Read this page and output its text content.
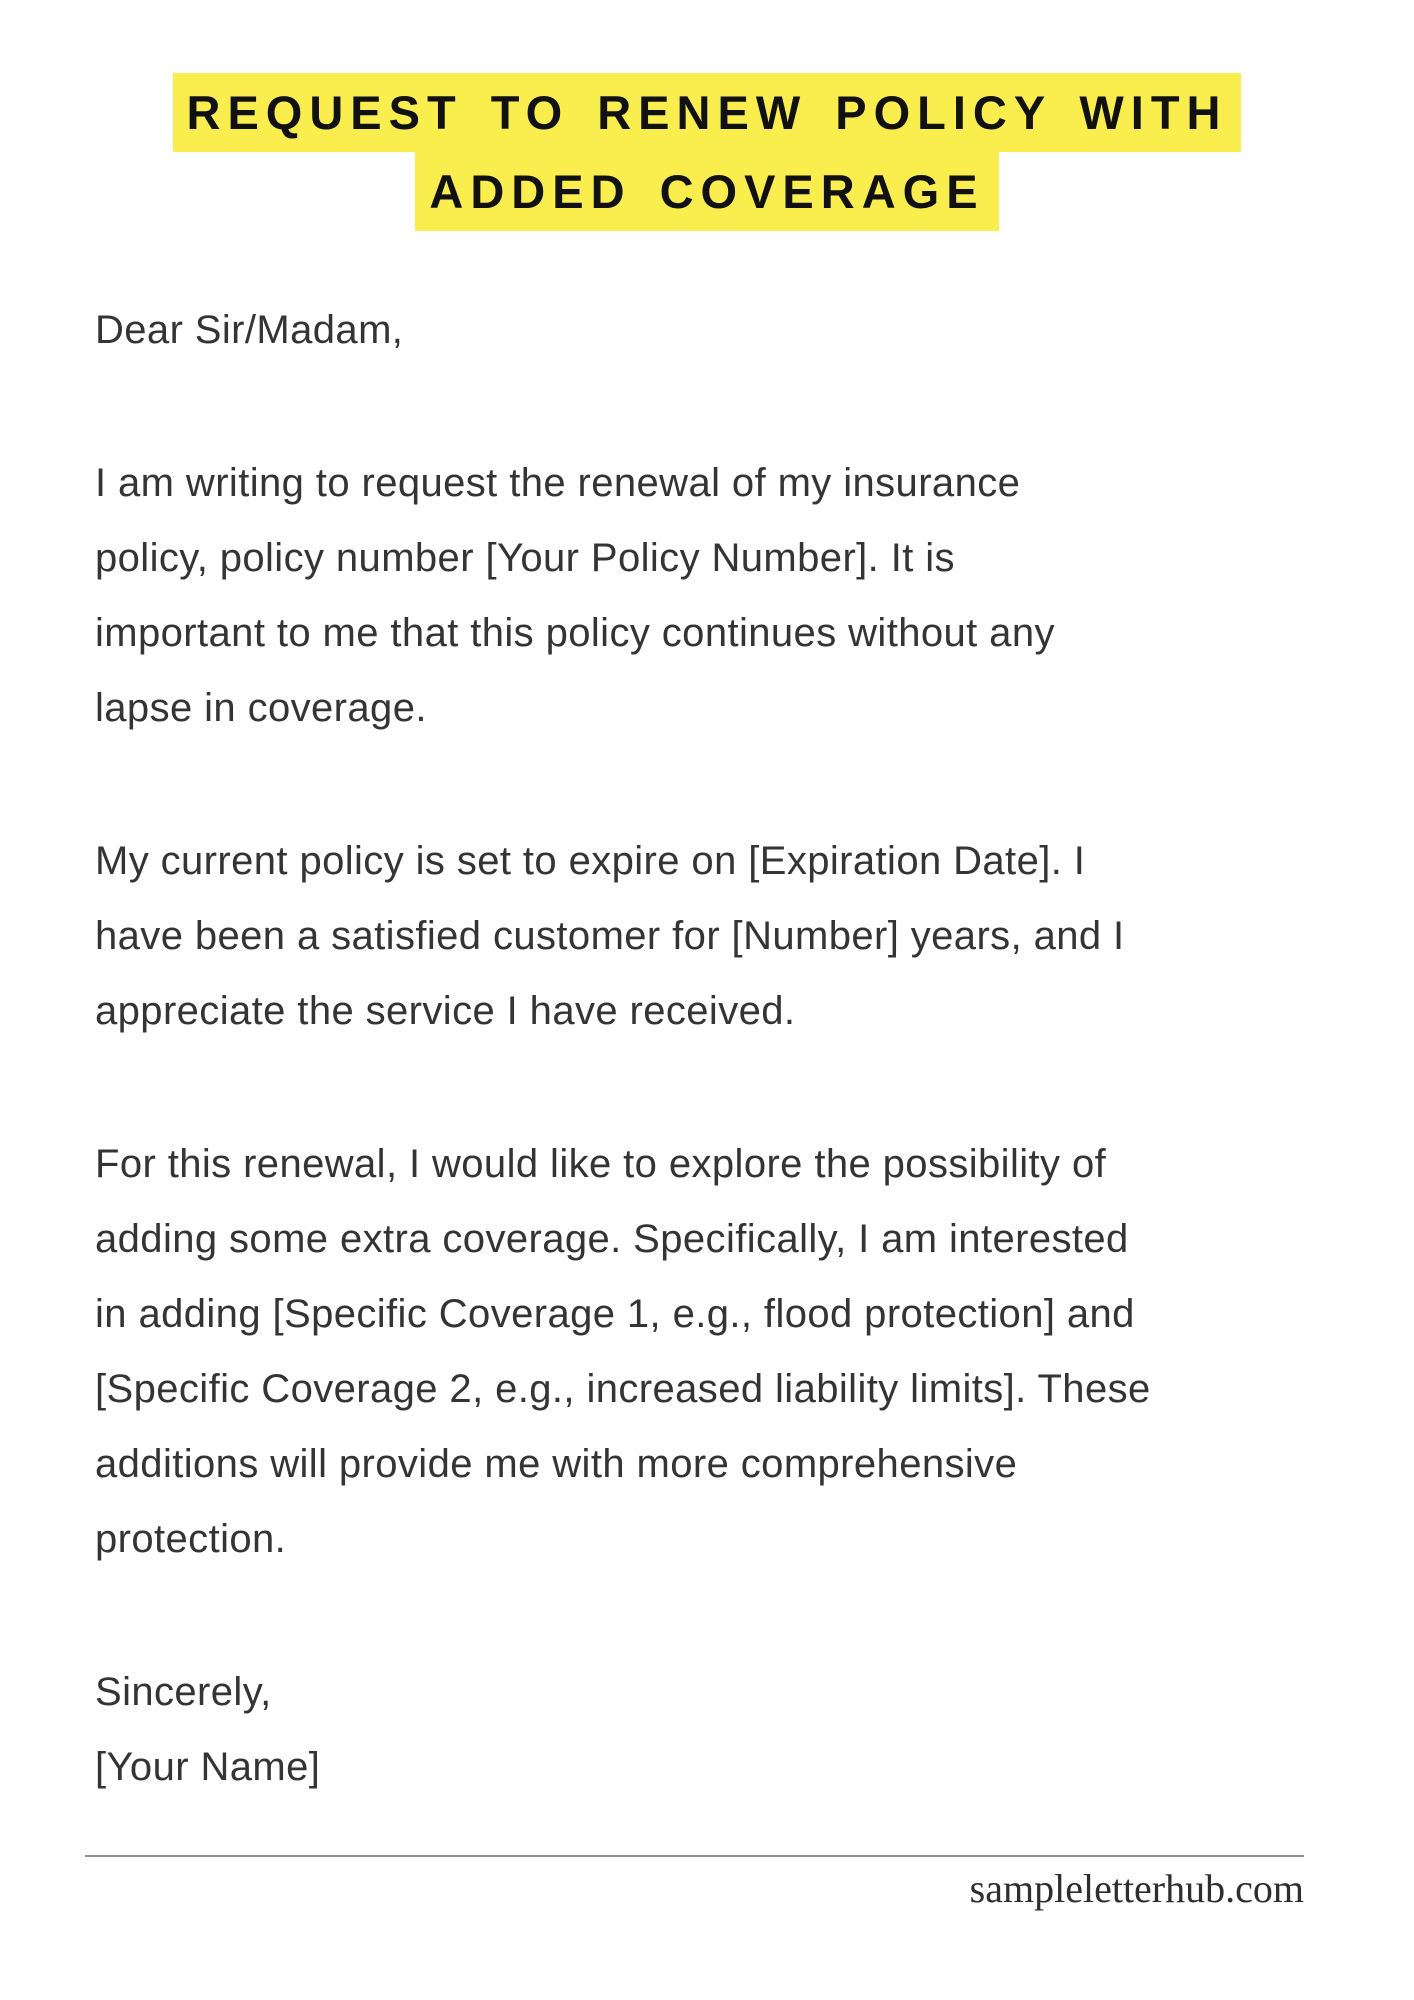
REQUEST TO RENEW POLICY WITH
ADDED COVERAGE
Dear Sir/Madam,
I am writing to request the renewal of my insurance
policy, policy number [Your Policy Number]. It is
important to me that this policy continues without any
lapse in coverage.
My current policy is set to expire on [Expiration Date]. I
have been a satisfied customer for [Number] years, and I
appreciate the service I have received.
For this renewal, I would like to explore the possibility of
adding some extra coverage. Specifically, I am interested
in adding [Specific Coverage 1, e.g., flood protection] and
[Specific Coverage 2, e.g., increased liability limits]. These
additions will provide me with more comprehensive
protection.
Sincerely,
[Your Name]
sampleletterhub.com
